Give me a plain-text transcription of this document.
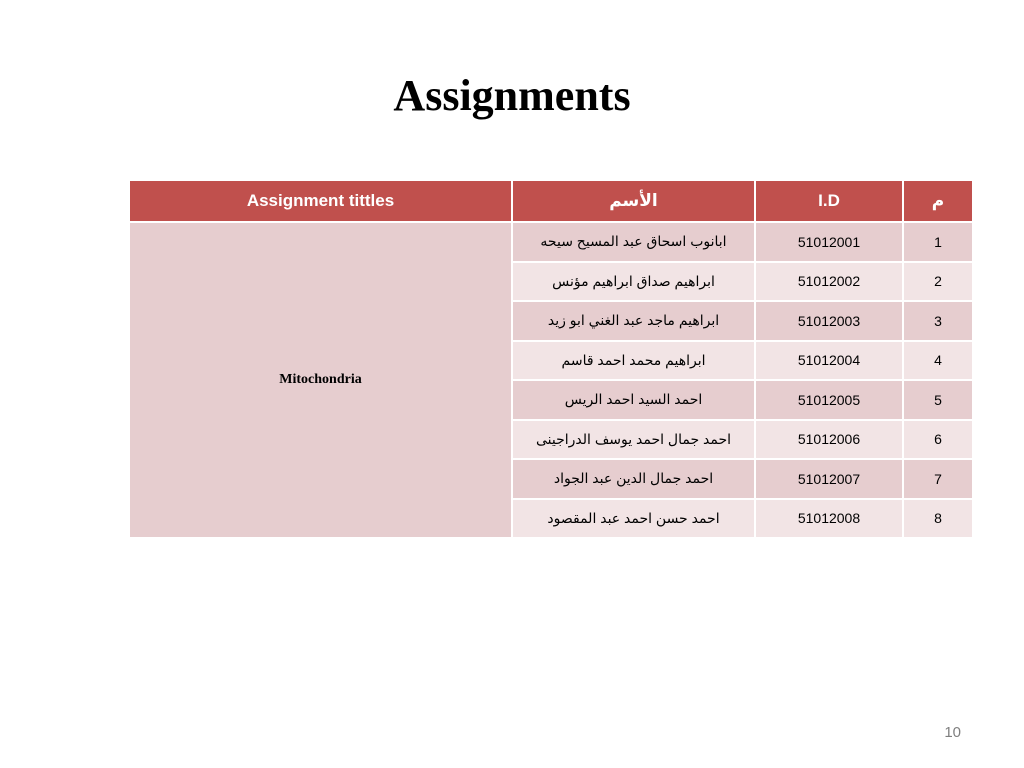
Assignments
Assignment tittles	الأسم	I.D	م
Mitochondria	ابانوب اسحاق عبد المسيح سيحه	51012001	1
	ابراهيم صداق ابراهيم مؤنس	51012002	2
	ابراهيم ماجد عبد الغني ابو زيد	51012003	3
	ابراهيم محمد احمد قاسم	51012004	4
	احمد السيد احمد الريس	51012005	5
	احمد جمال احمد يوسف الدراجينى	51012006	6
	احمد جمال الدين عبد الجواد	51012007	7
	احمد حسن احمد عبد المقصود	51012008	8
10
